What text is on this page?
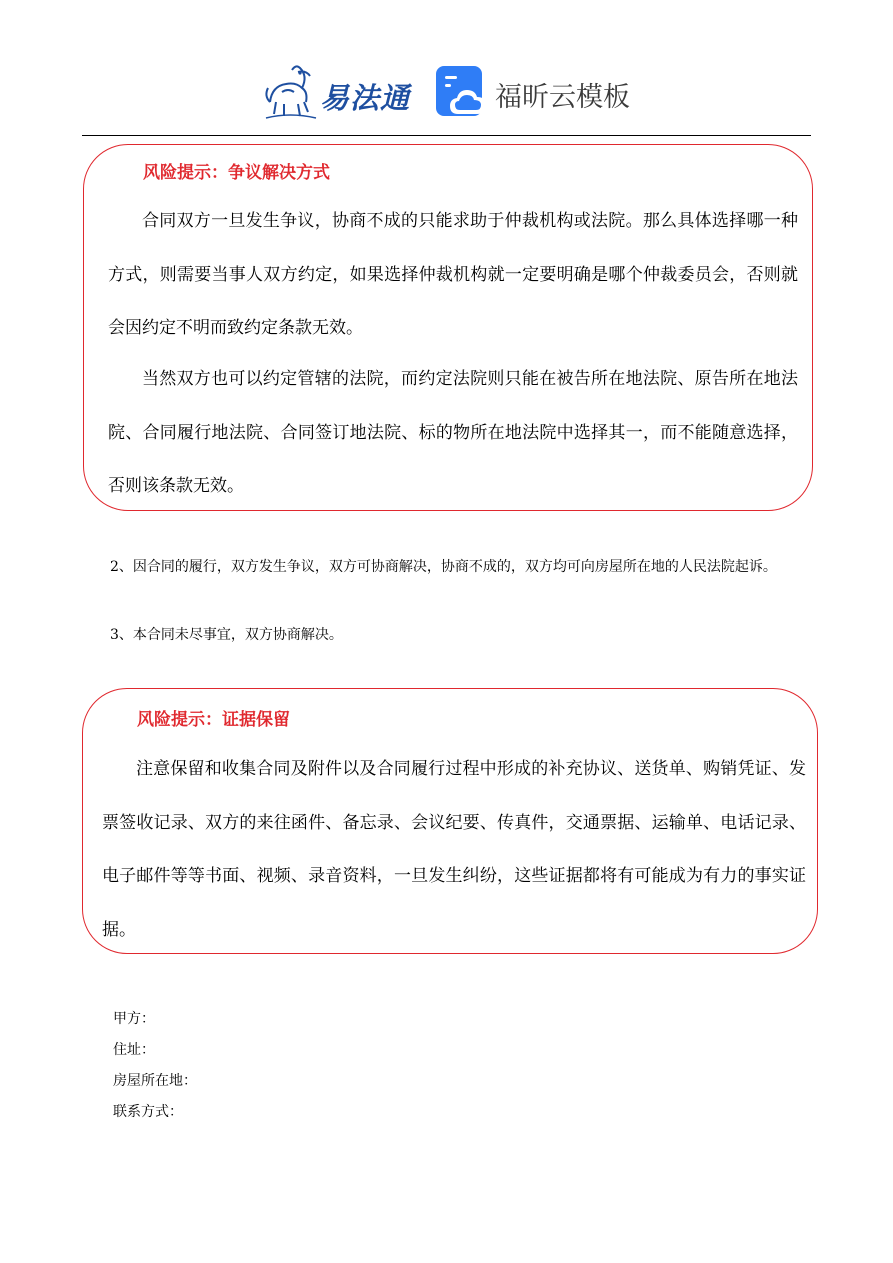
易法通	福昕云模板
风险提示：争议解决方式

合同双方一旦发生争议，协商不成的只能求助于仲裁机构或法院。那么具体选择哪一种方式，则需要当事人双方约定，如果选择仲裁机构就一定要明确是哪个仲裁委员会，否则就会因约定不明而致约定条款无效。

当然双方也可以约定管辖的法院，而约定法院则只能在被告所在地法院、原告所在地法院、合同履行地法院、合同签订地法院、标的物所在地法院中选择其一，而不能随意选择，否则该条款无效。

2、因合同的履行，双方发生争议，双方可协商解决，协商不成的，双方均可向房屋所在地的人民法院起诉。

3、本合同未尽事宜，双方协商解决。

风险提示：证据保留

注意保留和收集合同及附件以及合同履行过程中形成的补充协议、送货单、购销凭证、发票签收记录、双方的来往函件、备忘录、会议纪要、传真件，交通票据、运输单、电话记录、电子邮件等等书面、视频、录音资料，一旦发生纠纷，这些证据都将有可能成为有力的事实证据。

甲方：
住址：
房屋所在地：
联系方式：
